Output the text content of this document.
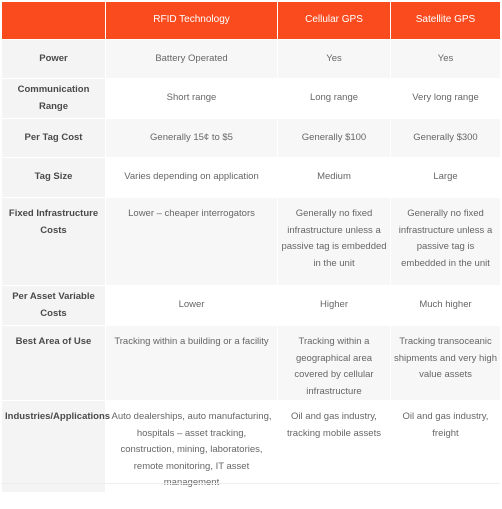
	RFID Technology	Cellular GPS	Satellite GPS
Power	Battery Operated	Yes	Yes
Communication Range	Short range	Long range	Very long range
Per Tag Cost	Generally 15¢ to $5	Generally $100	Generally $300
Tag Size	Varies depending on application	Medium	Large
Fixed Infrastructure Costs	Lower – cheaper interrogators	Generally no fixed infrastructure unless a passive tag is embedded in the unit	Generally no fixed infrastructure unless a passive tag is embedded in the unit
Per Asset Variable Costs	Lower	Higher	Much higher
Best Area of Use	Tracking within a building or a facility	Tracking within a geographical area covered by cellular infrastructure	Tracking transoceanic shipments and very high value assets
Industries/Applications	Auto dealerships, auto manufacturing, hospitals – asset tracking, construction, mining, laboratories, remote monitoring, IT asset	Oil and gas industry, tracking mobile assets	Oil and gas industry, freight
